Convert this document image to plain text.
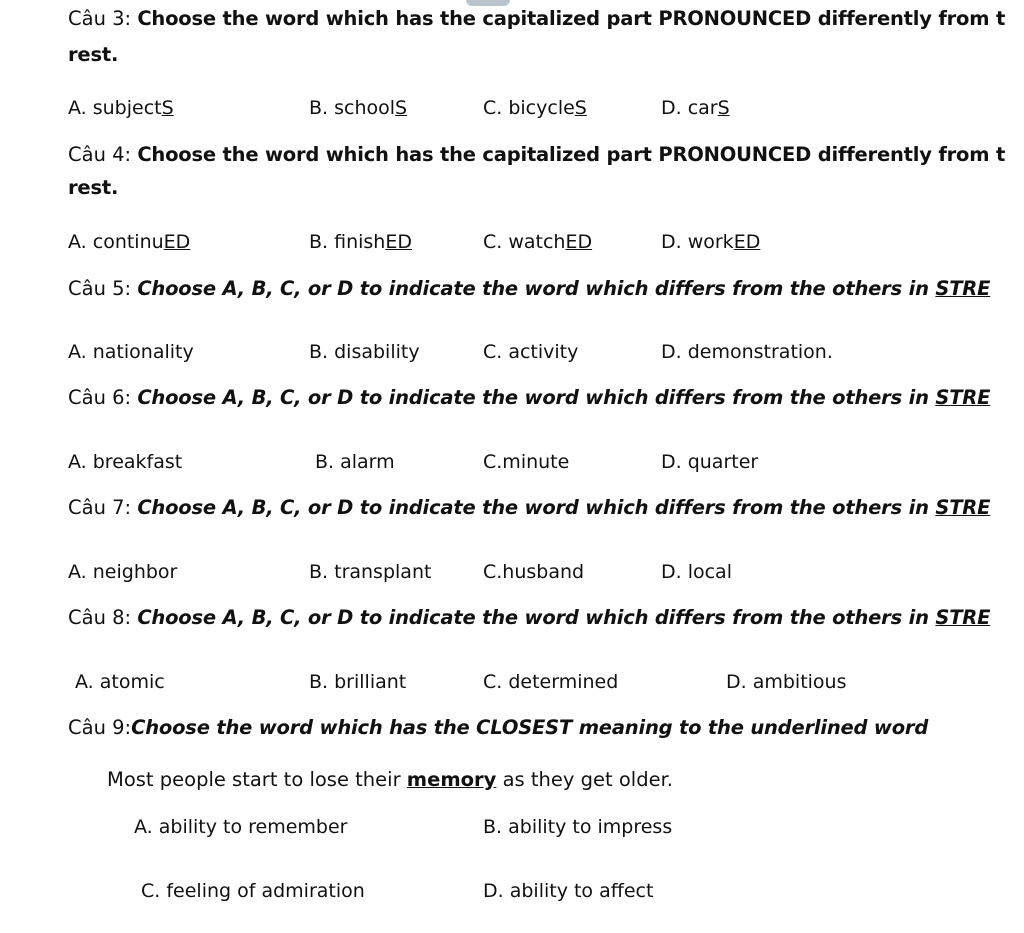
Câu 3: Choose the word which has the capitalized part PRONOUNCED differently from t
rest.
A. subjectS	B. schoolS	C. bicycleS	D. carS
Câu 4: Choose the word which has the capitalized part PRONOUNCED differently from t
rest.
A. continuED	B. finishED	C. watchED	D. workED
Câu 5: Choose A, B, C, or D to indicate the word which differs from the others in STRE
A. nationality	B. disability	C. activity	D. demonstration.
Câu 6: Choose A, B, C, or D to indicate the word which differs from the others in STRE
A. breakfast	B. alarm	C.minute	D. quarter
Câu 7: Choose A, B, C, or D to indicate the word which differs from the others in STRE
A. neighbor	B. transplant	C.husband	D. local
Câu 8: Choose A, B, C, or D to indicate the word which differs from the others in STRE
A. atomic	B. brilliant	C. determined	D. ambitious
Câu 9:Choose the word which has the CLOSEST meaning to the underlined word
Most people start to lose their memory as they get older.
A. ability to remember	B. ability to impress
C. feeling of admiration	D. ability to affect
